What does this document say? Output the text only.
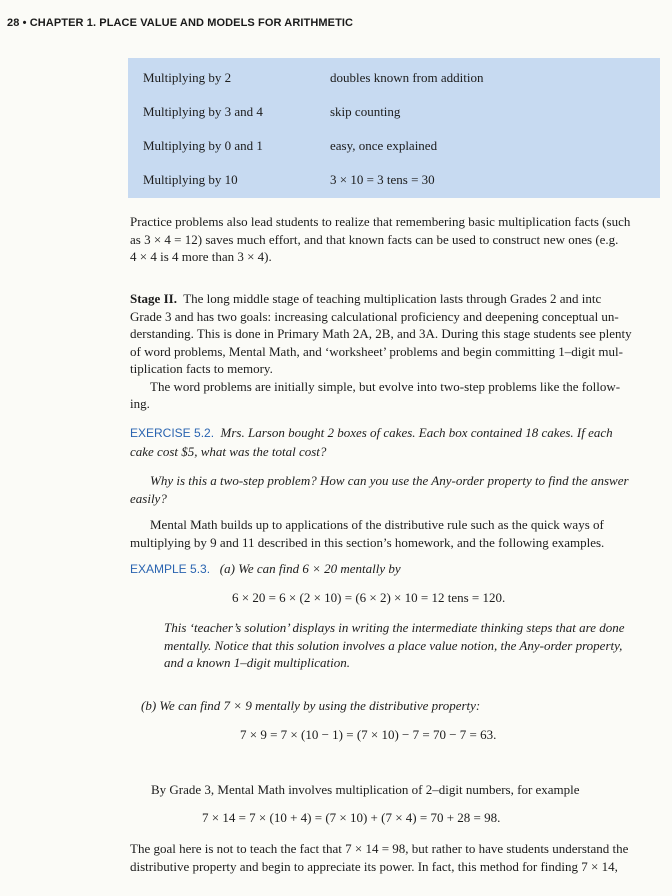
28 • CHAPTER 1. PLACE VALUE AND MODELS FOR ARITHMETIC
Multiplying by 2	doubles known from addition
Multiplying by 3 and 4	skip counting
Multiplying by 0 and 1	easy, once explained
Multiplying by 10	3 × 10 = 3 tens = 30
Practice problems also lead students to realize that remembering basic multiplication facts (such
as 3 × 4 = 12) saves much effort, and that known facts can be used to construct new ones (e.g.
4 × 4 is 4 more than 3 × 4).
Stage II. The long middle stage of teaching multiplication lasts through Grades 2 and intc
Grade 3 and has two goals: increasing calculational proficiency and deepening conceptual un-
derstanding. This is done in Primary Math 2A, 2B, and 3A. During this stage students see plenty
of word problems, Mental Math, and ‘worksheet’ problems and begin committing 1–digit mul-
tiplication facts to memory.
The word problems are initially simple, but evolve into two-step problems like the follow-
ing.
EXERCISE 5.2. Mrs. Larson bought 2 boxes of cakes. Each box contained 18 cakes. If each
cake cost $5, what was the total cost?
Why is this a two-step problem? How can you use the Any-order property to find the answer
easily?
Mental Math builds up to applications of the distributive rule such as the quick ways of
multiplying by 9 and 11 described in this section’s homework, and the following examples.
EXAMPLE 5.3. (a) We can find 6 × 20 mentally by
6 × 20 = 6 × (2 × 10) = (6 × 2) × 10 = 12 tens = 120.
This ‘teacher’s solution’ displays in writing the intermediate thinking steps that are done
mentally. Notice that this solution involves a place value notion, the Any-order property,
and a known 1–digit multiplication.
(b) We can find 7 × 9 mentally by using the distributive property:
7 × 9 = 7 × (10 − 1) = (7 × 10) − 7 = 70 − 7 = 63.
By Grade 3, Mental Math involves multiplication of 2–digit numbers, for example
7 × 14 = 7 × (10 + 4) = (7 × 10) + (7 × 4) = 70 + 28 = 98.
The goal here is not to teach the fact that 7 × 14 = 98, but rather to have students understand the
distributive property and begin to appreciate its power. In fact, this method for finding 7 × 14,
